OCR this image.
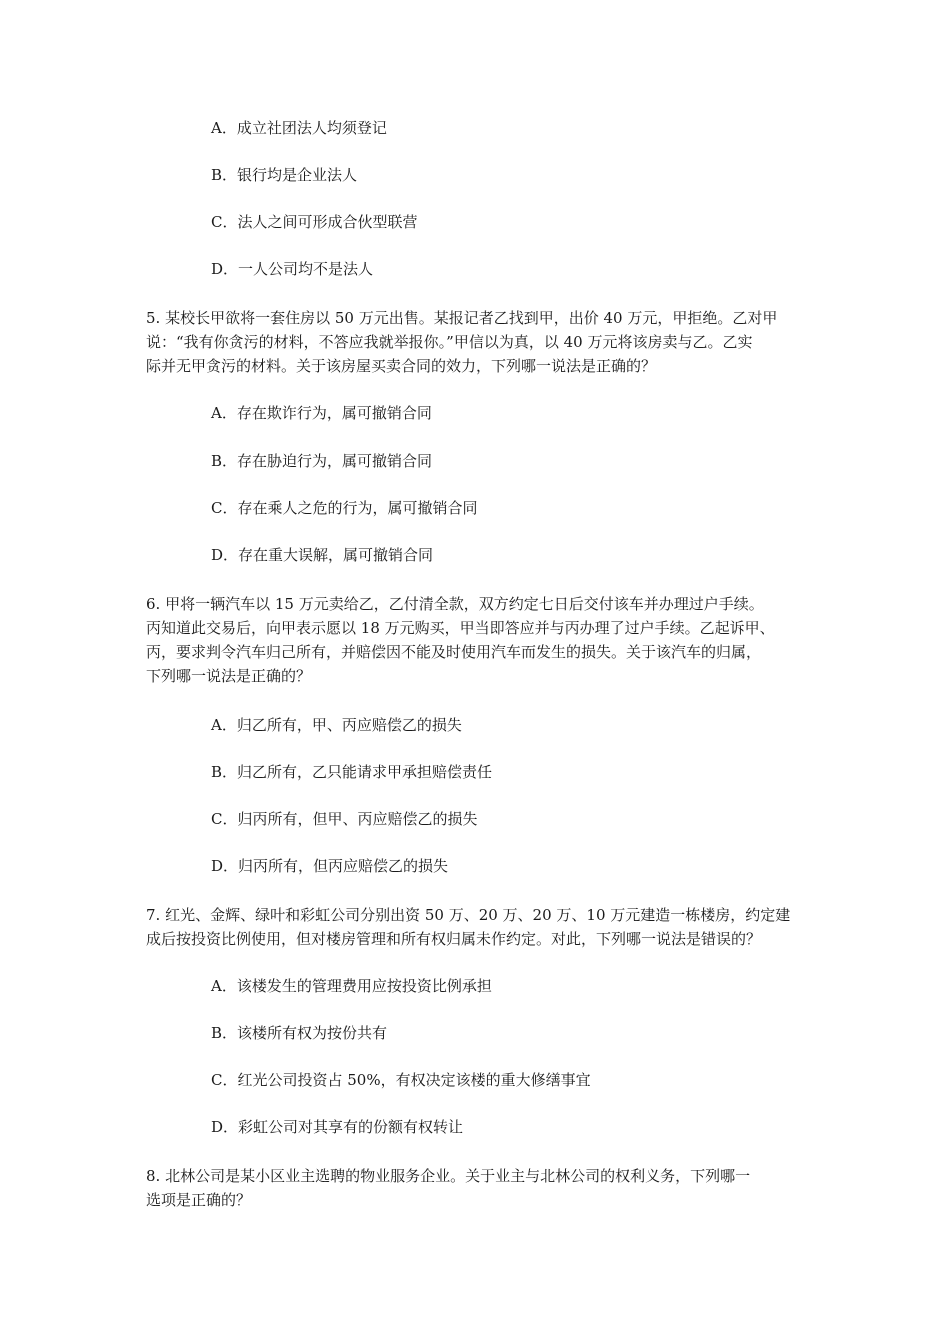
A．成立社团法人均须登记
B．银行均是企业法人
C．法人之间可形成合伙型联营
D．一人公司均不是法人
5. 某校长甲欲将一套住房以 50 万元出售。某报记者乙找到甲，出价 40 万元，甲拒绝。乙对甲
说：“我有你贪污的材料，不答应我就举报你。”甲信以为真，以 40 万元将该房卖与乙。乙实
际并无甲贪污的材料。关于该房屋买卖合同的效力，下列哪一说法是正确的？
A．存在欺诈行为，属可撤销合同
B．存在胁迫行为，属可撤销合同
C．存在乘人之危的行为，属可撤销合同
D．存在重大误解，属可撤销合同
6. 甲将一辆汽车以 15 万元卖给乙，乙付清全款，双方约定七日后交付该车并办理过户手续。
丙知道此交易后，向甲表示愿以 18 万元购买，甲当即答应并与丙办理了过户手续。乙起诉甲、
丙，要求判令汽车归己所有，并赔偿因不能及时使用汽车而发生的损失。关于该汽车的归属，
下列哪一说法是正确的？
A．归乙所有，甲、丙应赔偿乙的损失
B．归乙所有，乙只能请求甲承担赔偿责任
C．归丙所有，但甲、丙应赔偿乙的损失
D．归丙所有，但丙应赔偿乙的损失
7. 红光、金辉、绿叶和彩虹公司分别出资 50 万、20 万、20 万、10 万元建造一栋楼房，约定建
成后按投资比例使用，但对楼房管理和所有权归属未作约定。对此，下列哪一说法是错误的？
A．该楼发生的管理费用应按投资比例承担
B．该楼所有权为按份共有
C．红光公司投资占 50%，有权决定该楼的重大修缮事宜
D．彩虹公司对其享有的份额有权转让
8. 北林公司是某小区业主选聘的物业服务企业。关于业主与北林公司的权利义务，下列哪一
选项是正确的？
